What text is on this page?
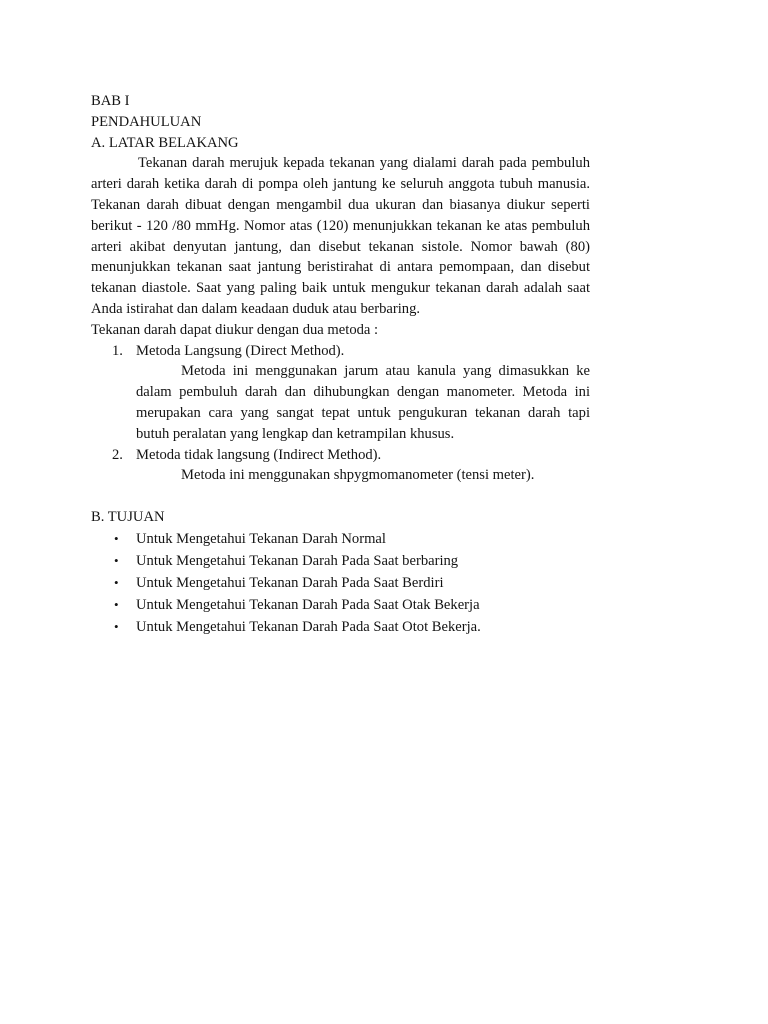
BAB I
PENDAHULUAN
A. LATAR BELAKANG

Tekanan darah merujuk kepada tekanan yang dialami darah pada pembuluh arteri darah ketika darah di pompa oleh jantung ke seluruh anggota tubuh manusia. Tekanan darah dibuat dengan mengambil dua ukuran dan biasanya diukur seperti berikut - 120 /80 mmHg. Nomor atas (120) menunjukkan tekanan ke atas pembuluh arteri akibat denyutan jantung, dan disebut tekanan sistole. Nomor bawah (80) menunjukkan tekanan saat jantung beristirahat di antara pemompaan, dan disebut tekanan diastole. Saat yang paling baik untuk mengukur tekanan darah adalah saat Anda istirahat dan dalam keadaan duduk atau berbaring.

Tekanan darah dapat diukur dengan dua metoda :
1. Metoda Langsung (Direct Method).

Metoda ini menggunakan jarum atau kanula yang dimasukkan ke dalam pembuluh darah dan dihubungkan dengan manometer. Metoda ini merupakan cara yang sangat tepat untuk pengukuran tekanan darah tapi butuh peralatan yang lengkap dan ketrampilan khusus.

2. Metoda tidak langsung (Indirect Method).

Metoda ini menggunakan shpygmomanometer (tensi meter).

B. TUJUAN
• Untuk Mengetahui Tekanan Darah Normal
• Untuk Mengetahui Tekanan Darah Pada Saat berbaring
• Untuk Mengetahui Tekanan Darah Pada Saat Berdiri
• Untuk Mengetahui Tekanan Darah Pada Saat Otak Bekerja
• Untuk Mengetahui Tekanan Darah Pada Saat Otot Bekerja.
